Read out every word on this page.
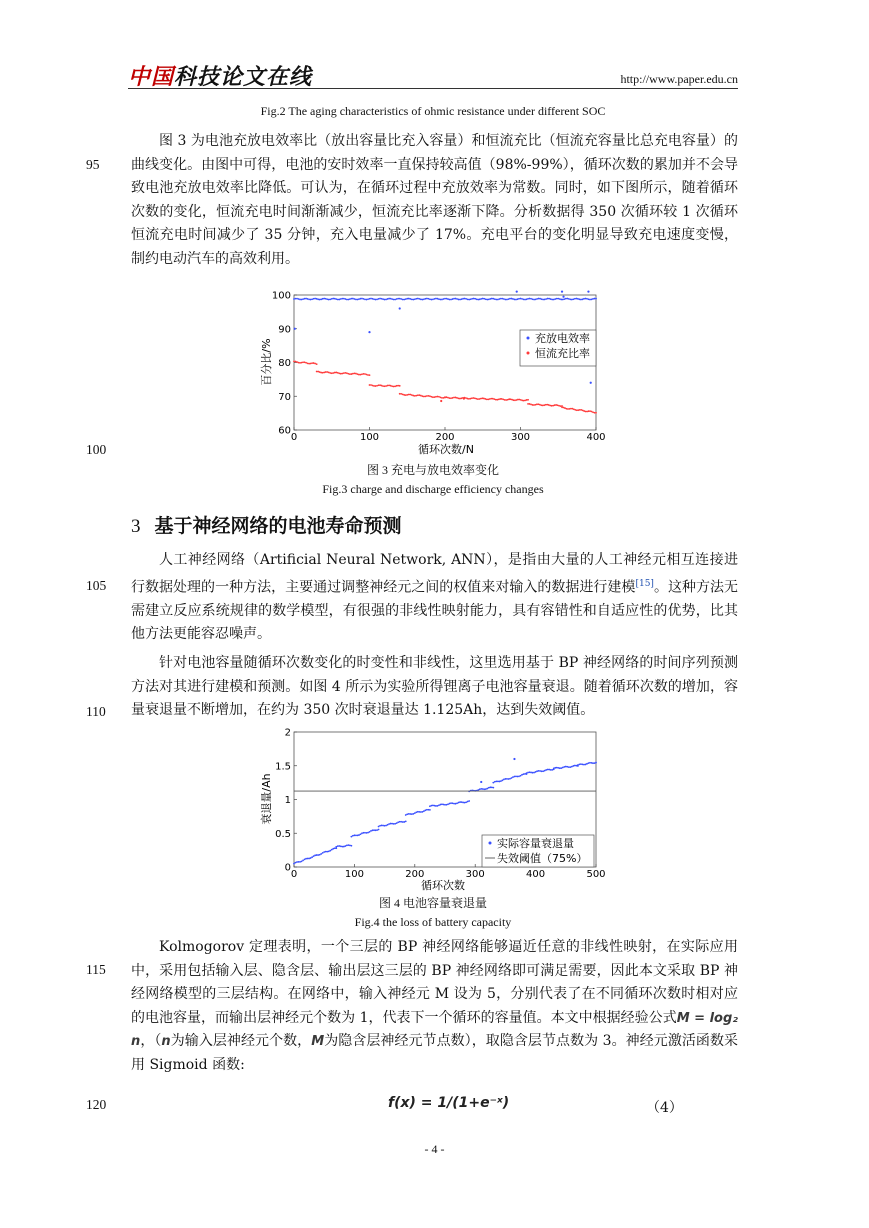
中国科技论文在线	http://www.paper.edu.cn
Fig.2 The aging characteristics of ohmic resistance under different SOC
图 3 为电池充放电效率比（放出容量比充入容量）和恒流充比（恒流充容量比总充电容量）的曲线变化。由图中可得，电池的安时效率一直保持较高值（98%-99%），循环次数的累加并不会导致电池充放电效率比降低。可认为，在循环过程中充放效率为常数。同时，如下图所示，随着循环次数的变化，恒流充电时间渐渐减少，恒流充比率逐渐下降。分析数据得 350 次循环较 1 次循环恒流充电时间减少了 35 分钟，充入电量减少了 17%。充电平台的变化明显导致充电速度变慢，制约电动汽车的高效利用。
95
100
105
110
115
120
0	100	200	300	400
60
70
80
90
100
充放电效率
恒流充比率
循环次数/N
百分比/%
图 3 充电与放电效率变化
Fig.3 charge and discharge efficiency changes
3 基于神经网络的电池寿命预测
人工神经网络（Artificial Neural Network, ANN），是指由大量的人工神经元相互连接进行数据处理的一种方法，主要通过调整神经元之间的权值来对输入的数据进行建模[15]。这种方法无需建立反应系统规律的数学模型，有很强的非线性映射能力，具有容错性和自适应性的优势，比其他方法更能容忍噪声。
针对电池容量随循环次数变化的时变性和非线性，这里选用基于 BP 神经网络的时间序列预测方法对其进行建模和预测。如图 4 所示为实验所得锂离子电池容量衰退。随着循环次数的增加，容量衰退量不断增加，在约为 350 次时衰退量达 1.125Ah，达到失效阈值。
0	100	200	300	400	500
0
0.5
1
1.5
2
实际容量衰退量
失效阈值（75%）
循环次数
衰退量/Ah
图 4 电池容量衰退量
Fig.4 the loss of battery capacity
Kolmogorov 定理表明，一个三层的 BP 神经网络能够逼近任意的非线性映射，在实际应用中，采用包括输入层、隐含层、输出层这三层的 BP 神经网络即可满足需要，因此本文采取 BP 神经网络模型的三层结构。在网络中，输入神经元 M 设为 5，分别代表了在不同循环次数时相对应的电池容量，而输出层神经元个数为 1，代表下一个循环的容量值。本文中根据经验公式M = log₂ n，（n为输入层神经元个数，M为隐含层神经元节点数），取隐含层节点数为 3。神经元激活函数采用 Sigmoid 函数:
f(x) = 1/(1+e⁻ˣ)	（4）
- 4 -
